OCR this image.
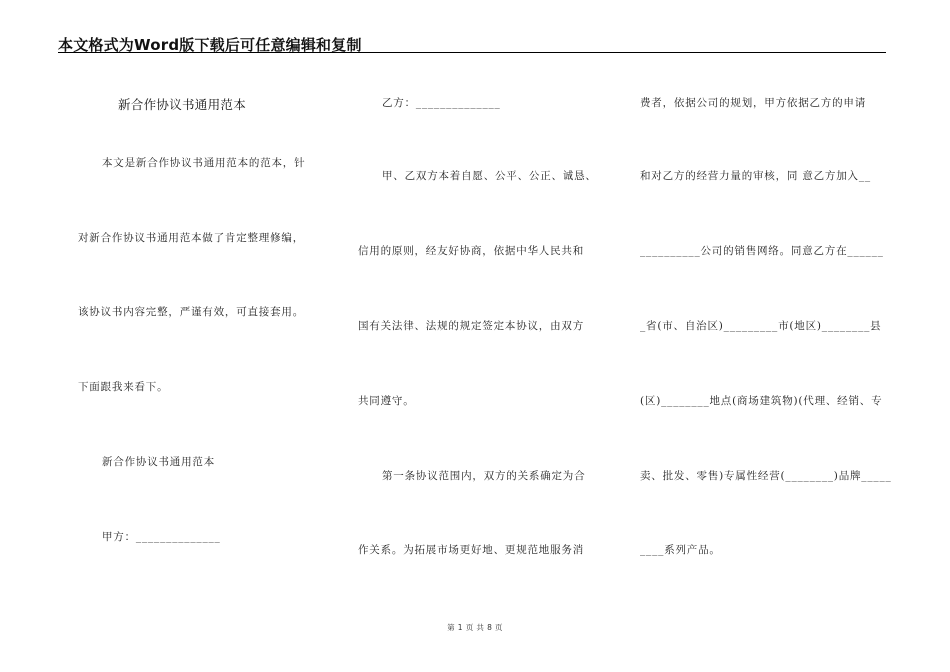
本文格式为Word版下载后可任意编辑和复制
新合作协议书通用范本
本文是新合作协议书通用范本的范本，针
对新合作协议书通用范本做了肯定整理修编，
该协议书内容完整，严谨有效，可直接套用。
下面跟我来看下。
新合作协议书通用范本
甲方：______________
乙方：______________
甲、乙双方本着自愿、公平、公正、诚恳、
信用的原则，经友好协商，依据中华人民共和
国有关法律、法规的规定签定本协议，由双方
共同遵守。
第一条协议范围内，双方的关系确定为合
作关系。为拓展市场更好地、更规范地服务消
费者，依据公司的规划，甲方依据乙方的申请
和对乙方的经营力量的审核，同 意乙方加入__
__________公司的销售网络。同意乙方在______
_省(市、自治区)_________市(地区)________县
(区)________地点(商场建筑物)(代理、经销、专
卖、批发、零售)专属性经营(________)品牌_____
____系列产品。
第 1 页 共 8 页
